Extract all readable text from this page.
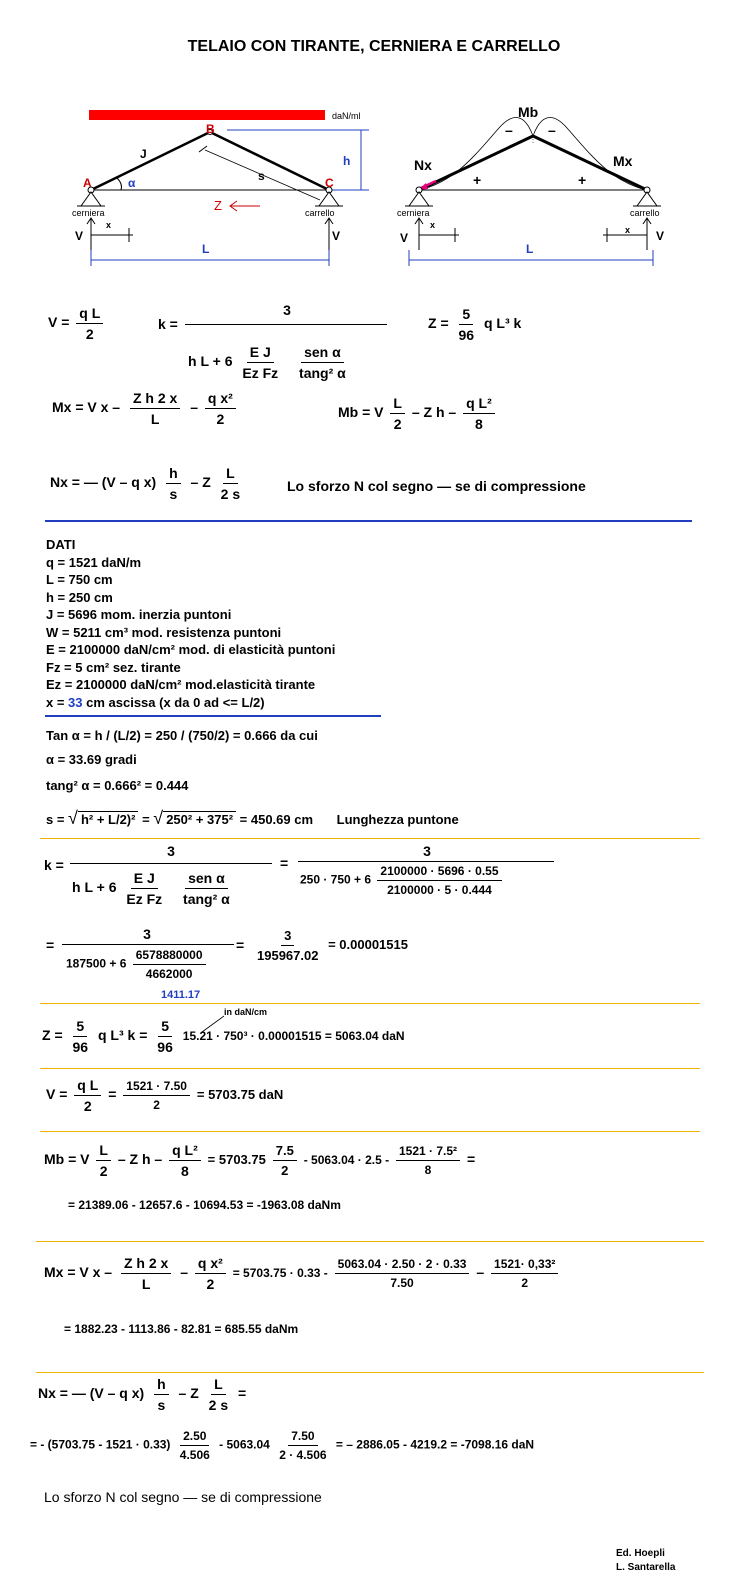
TELAIO CON TIRANTE, CERNIERA E CARRELLO
daN/ml
A
B
C
J
s
h
α
Z
cerniera	carrello
V	V
x
L
Mb
Nx	Mx
–	–
+	+
cerniera	carrello
V	V
x	x
L
$V = \frac{\text{q L}}{2}$	k =
3
h $L + 6 \frac{\text{E J}}{\text{Ez Fz}}$
$\frac{\text{sen α}}{\text{tang² α}}$
$Z = \frac{5}{96}$ q L³ k
Mx = V x – $\frac{\text{Z h 2 x}}{L} - \frac{\text{q x²}}{2}$	Mb = V $\frac{L}{2}$ – Z h – $\frac{\text{q L²}}{8}$
Nx = — (V – q $x) \frac{h}{s}$ – Z $\frac{L}{2 s}$	Lo sforzo N col segno — se di compressione
DATI
q = 1521 daN/m
L = 750 cm
h = 250 cm
J = 5696 mom. inerzia puntoni
W = 5211 cm³ mod. resistenza puntoni
E = 2100000 daN/cm² mod. di elasticità puntoni
Fz = 5 cm² sez. tirante
Ez = 2100000 daN/cm² mod.elasticità tirante
x = 33 cm ascissa (x da 0 ad <= L/2)
Tan α = h / (L/2) = 250 / (750/2) = 0.666 da cui
α = 33.69 gradi
tang² α = 0.666² = 0.444
s = √ h² + L/2)² = √ 250² + 375² = 450.69 cm Lunghezza puntone
k =
3
h $L + 6 \frac{\text{E J}}{\text{Ez Fz}}$
$\frac{\text{sen α}}{\text{tang² α}}$
=
3
$250 \cdot 750 + 6 \frac{2100000 \cdot 5696 \cdot 0.55}{2100000 \cdot 5 \cdot 0.444}$
=
3
$187500 + 6 \frac{6578880000}{4662000}$
1411.17
= $\frac{3}{195967.02} = 0.00001515$
in daN/cm
$Z = \frac{5}{96}$ q L³ $k = \frac{5}{96} 15.21 \cdot 750^3 \cdot 0.00001515 = 5063.04$ daN
$V = \frac{\text{q L}}{2} = \frac{1521 \cdot 7.50}{2} = 5703.75$ daN
Mb = V $\frac{L}{2}$ – Z $h - \frac{\text{q L²}}{8} = 5703.75 \frac{7.5}{2} - 5063.04 \cdot 2.5 - \frac{\text{1521 · 7.5²}}{8}$ =
= 21389.06 - 12657.6 - 10694.53 = -1963.08 daNm
Mx = V $x - \frac{\text{Z h 2 x}}{L} - \frac{\text{q x²}}{2} = 5703.75 \cdot 0.33 - \frac{5063.04 \cdot 2.50 \cdot 2 \cdot 0.33}{7.50} - \frac{\text{1521· 0,33²}}{2}$
= 1882.23 - 1113.86 - 82.81 = 685.55 daNm
Nx = — (V – q $x) \frac{h}{s}$ – Z $\frac{L}{2 s}$ =
= - $(5703.75 - 1521 \cdot 0.33) \frac{2.50}{4.506} - 5063.04 \frac{7.50}{2 \cdot 4.506}$ = – 2886.05 - 4219.2 = -7098.16 daN
Lo sforzo N col segno — se di compressione
Ed. Hoepli
L. Santarella
